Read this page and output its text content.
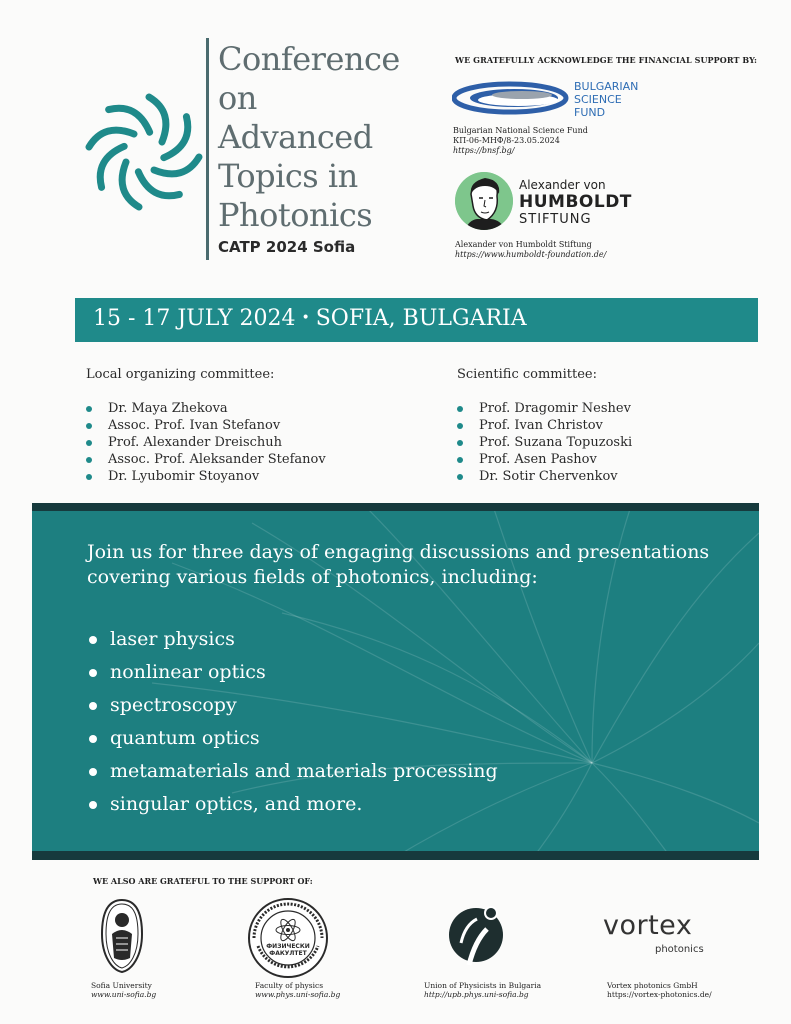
Conference
on
Advanced
Topics in
Photonics
CATP 2024 Sofia
WE GRATEFULLY ACKNOWLEDGE THE FINANCIAL SUPPORT BY:
BULGARIAN
SCIENCE
FUND
Bulgarian National Science Fund
КП-06-МНФ/8-23.05.2024
https://bnsf.bg/
Alexander von
HUMBOLDT
STIFTUNG
Alexander von Humboldt Stiftung
https://www.humboldt-foundation.de/
15 - 17 JULY 2024 • SOFIA, BULGARIA
Local organizing committee:
Dr. Maya Zhekova
Assoc. Prof. Ivan Stefanov
Prof. Alexander Dreischuh
Assoc. Prof. Aleksander Stefanov
Dr. Lyubomir Stoyanov
Scientific committee:
Prof. Dragomir Neshev
Prof. Ivan Christov
Prof. Suzana Topuzoski
Prof. Asen Pashov
Dr. Sotir Chervenkov
Join us for three days of engaging discussions and presentations covering various fields of photonics, including:
laser physics
nonlinear optics
spectroscopy
quantum optics
metamaterials and materials processing
singular optics, and more.
WE ALSO ARE GRATEFUL TO THE SUPPORT OF:
Sofia University
www.uni-sofia.bg
ФИЗИЧЕСКИ
ФАКУЛТЕТ
Faculty of physics
www.phys.uni-sofia.bg
Union of Physicists in Bulgaria
http://upb.phys.uni-sofia.bg
vortex
photonics
Vortex photonics GmbH
https://vortex-photonics.de/
